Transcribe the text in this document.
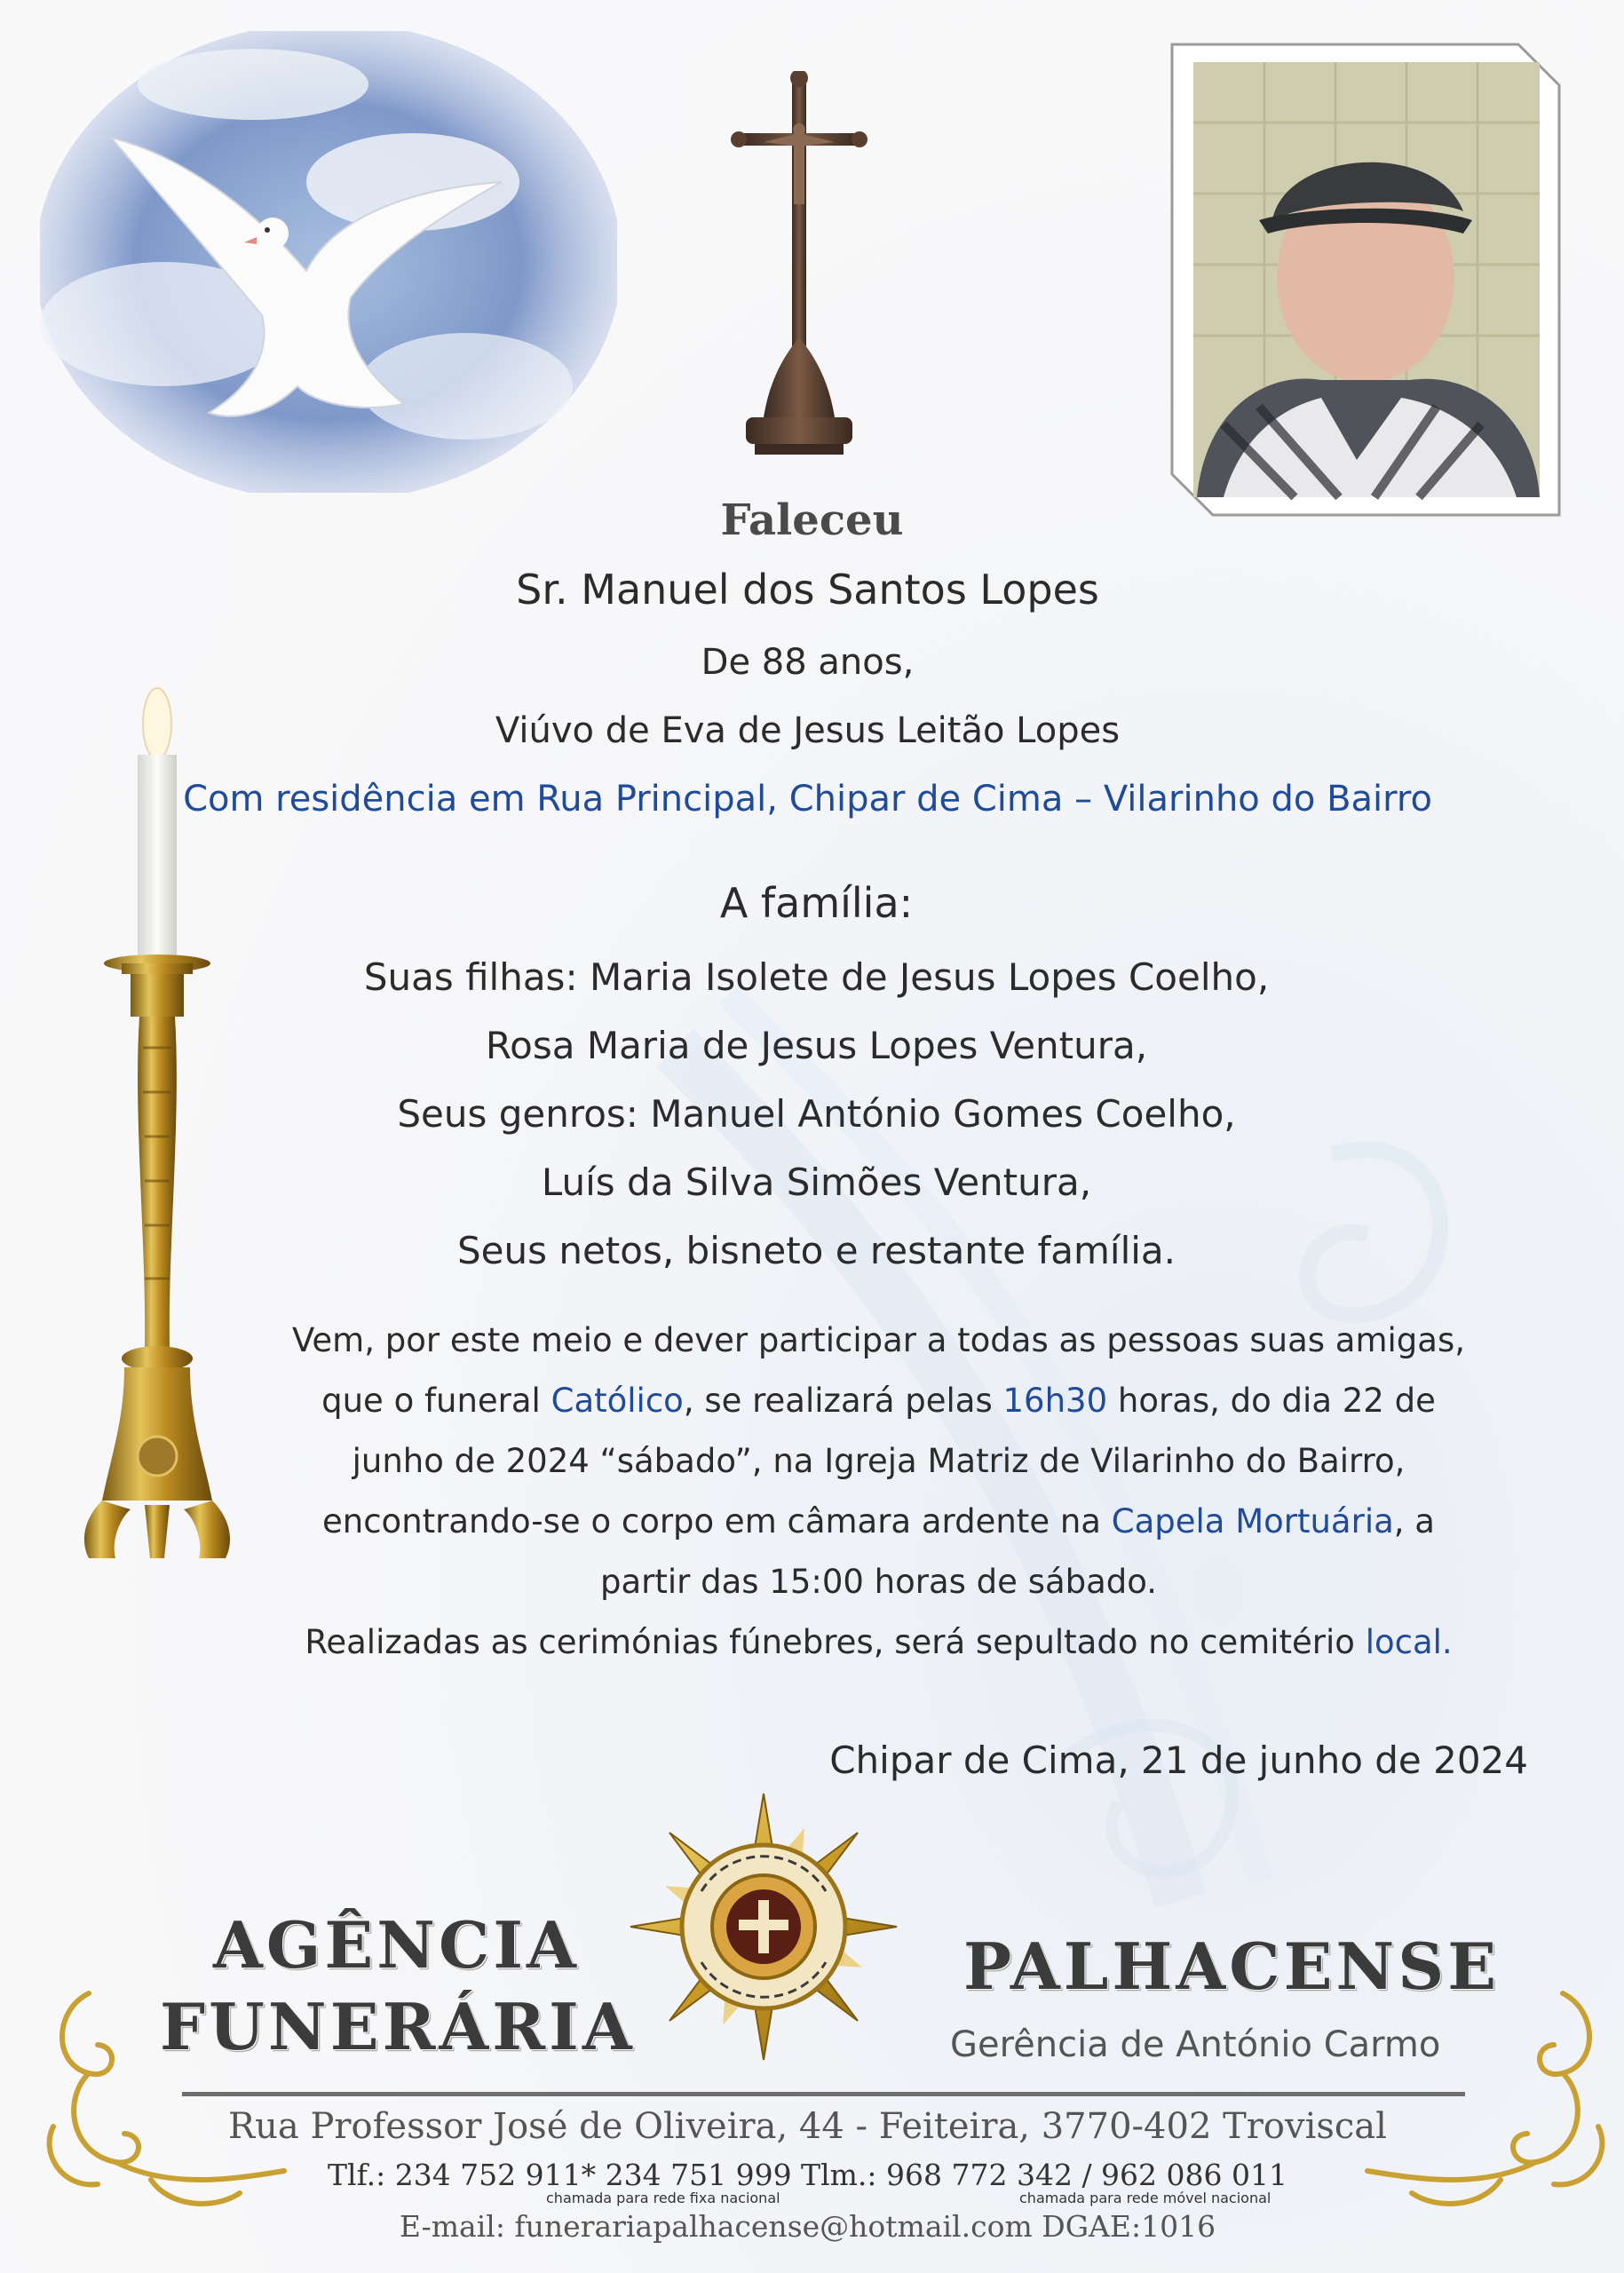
Faleceu
Sr. Manuel dos Santos Lopes
De 88 anos,
Viúvo de Eva de Jesus Leitão Lopes
Com residência em Rua Principal, Chipar de Cima – Vilarinho do Bairro
A família:
Suas filhas: Maria Isolete de Jesus Lopes Coelho,
Rosa Maria de Jesus Lopes Ventura,
Seus genros: Manuel António Gomes Coelho,
Luís da Silva Simões Ventura,
Seus netos, bisneto e restante família.
Vem, por este meio e dever participar a todas as pessoas suas amigas,
que o funeral Católico, se realizará pelas 16h30 horas, do dia 22 de
junho de 2024 “sábado”, na Igreja Matriz de Vilarinho do Bairro,
encontrando-se o corpo em câmara ardente na Capela Mortuária, a
partir das 15:00 horas de sábado.
Realizadas as cerimónias fúnebres, será sepultado no cemitério local.
Chipar de Cima, 21 de junho de 2024
AGÊNCIA
FUNERÁRIA
PALHACENSE
Gerência de António Carmo
Rua Professor José de Oliveira, 44 - Feiteira, 3770-402 Troviscal
Tlf.: 234 752 911* 234 751 999 Tlm.: 968 772 342 / 962 086 011
chamada para rede fixa nacional	chamada para rede móvel nacional
E-mail: funerariapalhacense@hotmail.com DGAE:1016
